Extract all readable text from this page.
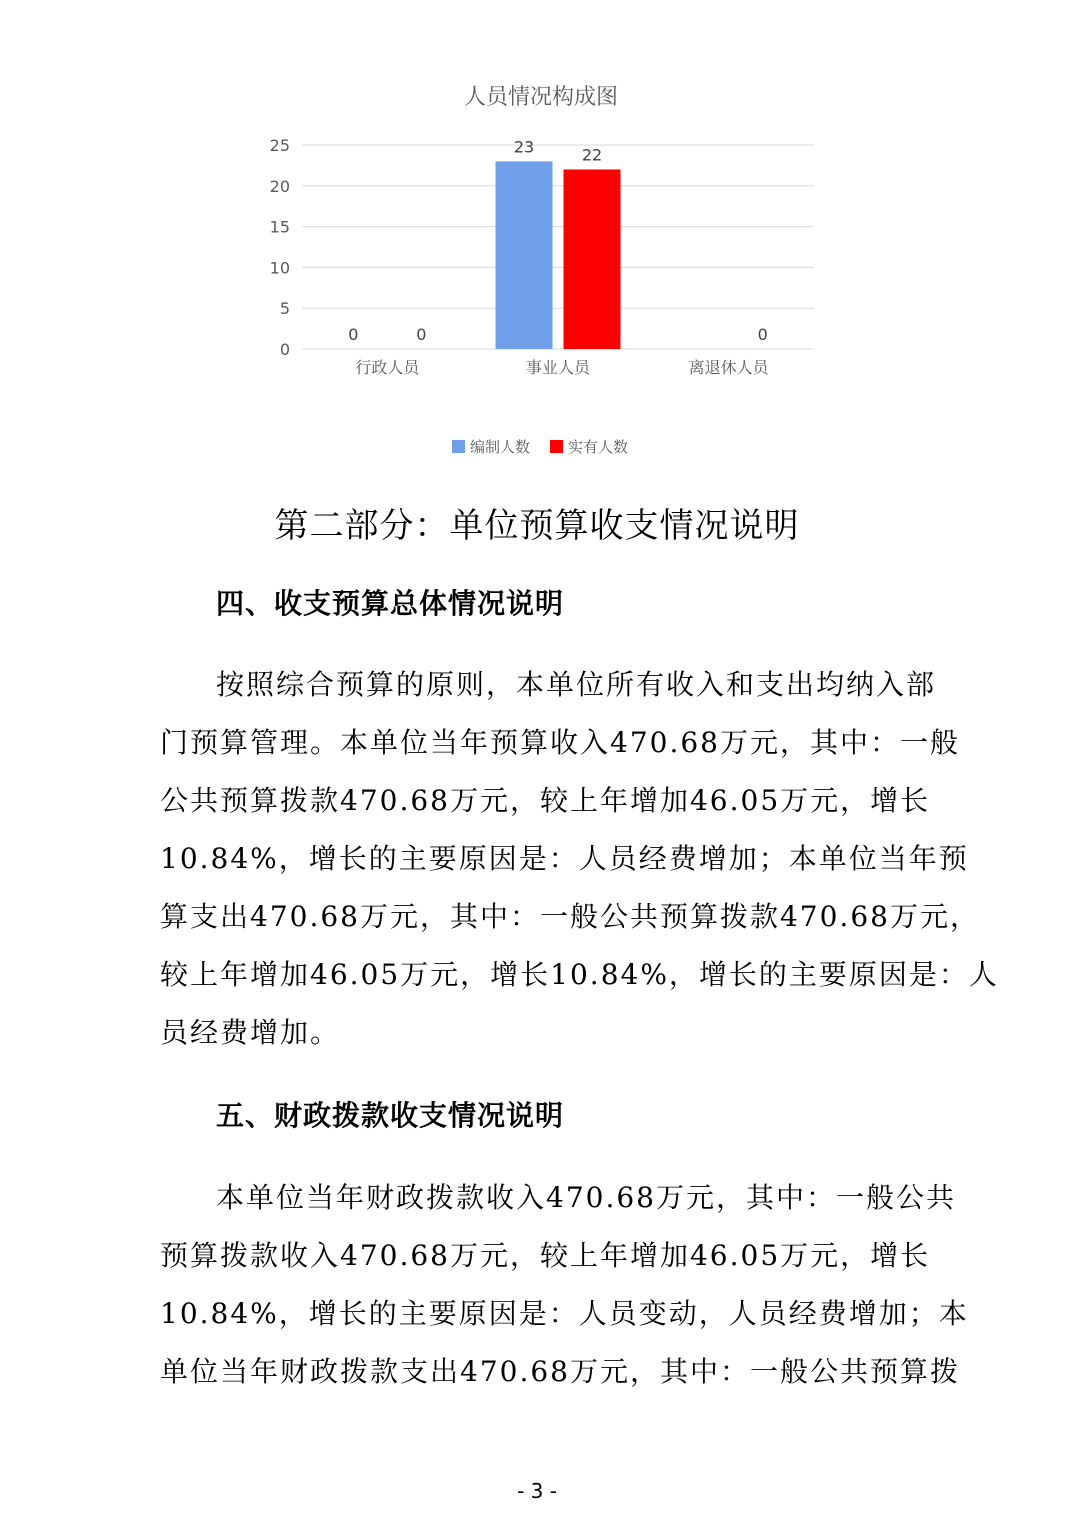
人员情况构成图
0
5
10
15
20
25
0	0
行政人员
23	22
事业人员
0
离退休人员
编制人数	实有人数
第二部分：单位预算收支情况说明
四、收支预算总体情况说明
按照综合预算的原则，本单位所有收入和支出均纳入部
门预算管理。本单位当年预算收入470.68万元，其中：一般
公共预算拨款470.68万元，较上年增加46.05万元，增长
10.84%，增长的主要原因是：人员经费增加；本单位当年预
算支出470.68万元，其中：一般公共预算拨款470.68万元，
较上年增加46.05万元，增长10.84%，增长的主要原因是：人
员经费增加。
五、财政拨款收支情况说明
本单位当年财政拨款收入470.68万元，其中：一般公共
预算拨款收入470.68万元，较上年增加46.05万元，增长
10.84%，增长的主要原因是：人员变动，人员经费增加；本
单位当年财政拨款支出470.68万元，其中：一般公共预算拨
- 3 -
